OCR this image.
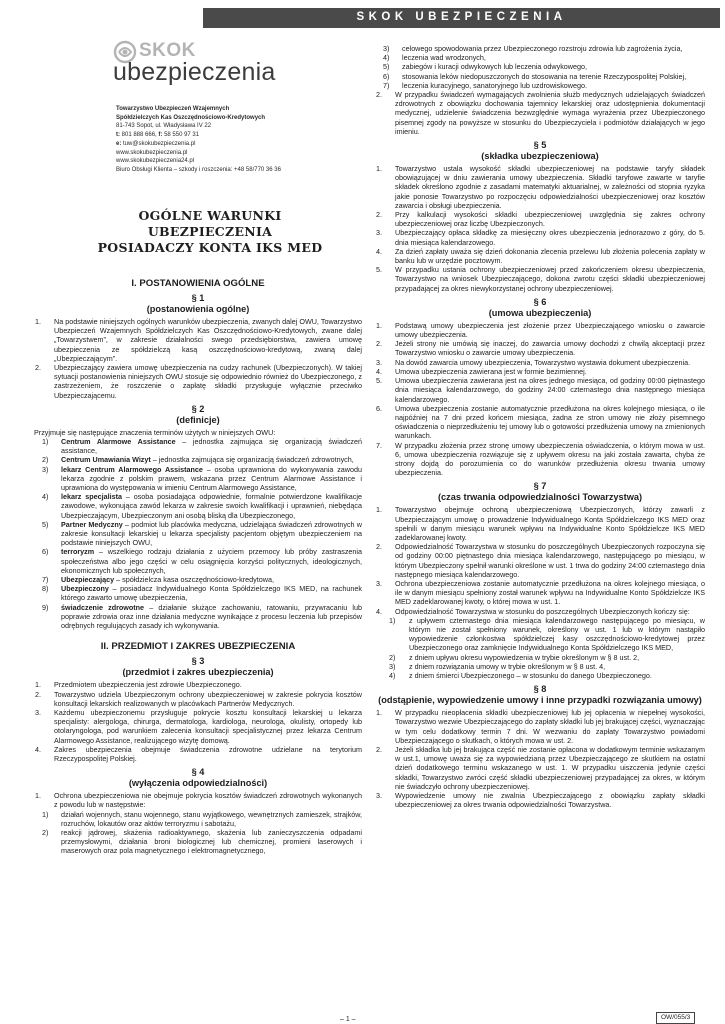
SKOK UBEZPIECZENIA
SKOK
ubezpieczenia
Towarzystwo Ubezpieczeń Wzajemnych
Spółdzielczych Kas Oszczędnościowo-Kredytowych
81-743 Sopot, ul. Władysława IV 22
t: 801 888 666, f: 58 550 97 31
e: tuw@skokubezpieczenia.pl
www.skokubezpieczenia.pl
www.skokubezpieczenia24.pl
Biuro Obsługi Klienta – szkody i roszczenia: +48 58/770 36 36
OGÓLNE WARUNKI
UBEZPIECZENIA
POSIADACZY KONTA IKS MED
I. POSTANOWIENIA OGÓLNE
§ 1
(postanowienia ogólne)
1.	Na podstawie niniejszych ogólnych warunków ubezpieczenia, zwanych dalej OWU, Towarzystwo Ubezpieczeń Wzajemnych Spółdzielczych Kas Oszczędnościowo-Kredytowych, zwane dalej „Towarzystwem”, w zakresie działalności swego przedsiębiorstwa, zawiera umowę ubezpieczenia ze spółdzielczą kasą oszczędnościowo-kredytową, zwaną dalej „Ubezpieczającym”.
2.	Ubezpieczający zawiera umowę ubezpieczenia na cudzy rachunek (Ubezpieczonych). W takiej sytuacji postanowienia niniejszych OWU stosuje się odpowiednio również do Ubezpieczonego, z zastrzeżeniem, że roszczenie o zapłatę składki przysługuje wyłącznie przeciwko Ubezpieczającemu.
§ 2
(definicje)
Przyjmuje się następujące znaczenia terminów użytych w niniejszych OWU:
1)	Centrum Alarmowe Assistance – jednostka zajmująca się organizacją świadczeń assistance,
2)	Centrum Umawiania Wizyt – jednostka zajmująca się organizacją świadczeń zdrowotnych,
3)	lekarz Centrum Alarmowego Assistance – osoba uprawniona do wykonywania zawodu lekarza zgodnie z polskim prawem, wskazana przez Centrum Alarmowe Assistance i uprawniona do występowania w imieniu Centrum Alarmowego Assistance,
4)	lekarz specjalista – osoba posiadająca odpowiednie, formalnie potwierdzone kwalifikacje zawodowe, wykonująca zawód lekarza w zakresie swoich kwalifikacji i uprawnień, niebędąca Ubezpieczającym, Ubezpieczonym ani osobą bliską dla Ubezpieczonego,
5)	Partner Medyczny – podmiot lub placówka medyczna, udzielająca świadczeń zdrowotnych w zakresie konsultacji lekarskiej u lekarza specjalisty pacjentom objętym ubezpieczeniem na podstawie niniejszych OWU,
6)	terroryzm – wszelkiego rodzaju działania z użyciem przemocy lub próby zastraszenia społeczeństwa albo jego części w celu osiągnięcia korzyści politycznych, ideologicznych, ekonomicznych lub społecznych,
7)	Ubezpieczający – spółdzielcza kasa oszczędnościowo-kredytowa,
8)	Ubezpieczony – posiadacz Indywidualnego Konta Spółdzielczego IKS MED, na rachunek którego zawarto umowę ubezpieczenia,
9)	świadczenie zdrowotne – działanie służące zachowaniu, ratowaniu, przywracaniu lub poprawie zdrowia oraz inne działania medyczne wynikające z procesu leczenia lub przepisów odrębnych regulujących zasady ich wykonywania.
II. PRZEDMIOT I ZAKRES UBEZPIECZENIA
§ 3
(przedmiot i zakres ubezpieczenia)
1.	Przedmiotem ubezpieczenia jest zdrowie Ubezpieczonego.
2.	Towarzystwo udziela Ubezpieczonym ochrony ubezpieczeniowej w zakresie pokrycia kosztów konsultacji lekarskich realizowanych w placówkach Partnerów Medycznych.
3.	Każdemu ubezpieczonemu przysługuje pokrycie kosztu konsultacji lekarskiej u lekarza specjalisty: alergologa, chirurga, dermatologa, kardiologa, neurologa, okulisty, ortopedy lub otolaryngologa, pod warunkiem zalecenia konsultacji specjalistycznej przez lekarza Centrum Alarmowego Assistance, realizującego wizytę domową.
4.	Zakres ubezpieczenia obejmuje świadczenia zdrowotne udzielane na terytorium Rzeczypospolitej Polskiej.
§ 4
(wyłączenia odpowiedzialności)
1.	Ochrona ubezpieczeniowa nie obejmuje pokrycia kosztów świadczeń zdrowotnych wykonanych z powodu lub w następstwie:
1)	działań wojennych, stanu wojennego, stanu wyjątkowego, wewnętrznych zamieszek, strajków, rozruchów, lokautów oraz aktów terroryzmu i sabotażu,
2)	reakcji jądrowej, skażenia radioaktywnego, skażenia lub zanieczyszczenia odpadami przemysłowymi, działania broni biologicznej lub chemicznej, promieni laserowych i maserowych oraz pola magnetycznego i elektromagnetycznego,
3)	celowego spowodowania przez Ubezpieczonego rozstroju zdrowia lub zagrożenia życia,
4)	leczenia wad wrodzonych,
5)	zabiegów i kuracji odwykowych lub leczenia odwykowego,
6)	stosowania leków niedopuszczonych do stosowania na terenie Rzeczypospolitej Polskiej,
7)	leczenia kuracyjnego, sanatoryjnego lub uzdrowiskowego.
2.	W przypadku świadczeń wymagających zwolnienia służb medycznych udzielających świadczeń zdrowotnych z obowiązku dochowania tajemnicy lekarskiej oraz udostępnienia dokumentacji medycznej, udzielenie świadczenia bezwzględnie wymaga wyrażenia przez Ubezpieczonego pisemnej zgody na powyższe w stosunku do Ubezpieczyciela i podmiotów działających w jego imieniu.
§ 5
(składka ubezpieczeniowa)
1.	Towarzystwo ustala wysokość składki ubezpieczeniowej na podstawie taryfy składek obowiązującej w dniu zawierania umowy ubezpieczenia. Składki taryfowe zawarte w taryfie składek określono zgodnie z zasadami matematyki aktuarialnej, w zależności od stopnia ryzyka jakie ponosie Towarzystwo po rozpoczęciu odpowiedzialności ubezpieczeniowej oraz kosztów zawarcia i obsługi ubezpieczenia.
2.	Przy kalkulacji wysokości składki ubezpieczeniowej uwzględnia się zakres ochrony ubezpieczeniowej oraz liczbę Ubezpieczonych.
3.	Ubezpieczający opłaca składkę za miesięczny okres ubezpieczenia jednorazowo z góry, do 5. dnia miesiąca kalendarzowego.
4.	Za dzień zapłaty uważa się dzień dokonania zlecenia przelewu lub złożenia polecenia zapłaty w banku lub w urzędzie pocztowym.
5.	W przypadku ustania ochrony ubezpieczeniowej przed zakończeniem okresu ubezpieczenia, Towarzystwo na wniosek Ubezpieczającego, dokona zwrotu części składki ubezpieczeniowej przypadającej za okres niewykorzystanej ochrony ubezpieczeniowej.
§ 6
(umowa ubezpieczenia)
1.	Podstawą umowy ubezpieczenia jest złożenie przez Ubezpieczającego wniosku o zawarcie umowy ubezpieczenia.
2.	Jeżeli strony nie umówią się inaczej, do zawarcia umowy dochodzi z chwilą akceptacji przez Towarzystwo wniosku o zawarcie umowy ubezpieczenia.
3.	Na dowód zawarcia umowy ubezpieczenia, Towarzystwo wystawia dokument ubezpieczenia.
4.	Umowa ubezpieczenia zawierana jest w formie bezimiennej.
5.	Umowa ubezpieczenia zawierana jest na okres jednego miesiąca, od godziny 00:00 piętnastego dnia miesiąca kalendarzowego, do godziny 24:00 czternastego dnia następnego miesiąca kalendarzowego.
6.	Umowa ubezpieczenia zostanie automatycznie przedłużona na okres kolejnego miesiąca, o ile najpóźniej na 7 dni przed końcem miesiąca, żadna ze stron umowy nie złoży pisemnego oświadczenia o nieprzedłużeniu tej umowy lub o gotowości przedłużenia umowy na zmienionych warunkach.
7.	W przypadku złożenia przez stronę umowy ubezpieczenia oświadczenia, o którym mowa w ust. 6, umowa ubezpieczenia rozwiązuje się z upływem okresu na jaki została zawarta, chyba że strony dojdą do porozumienia co do warunków przedłużenia okresu trwania umowy ubezpieczenia.
§ 7
(czas trwania odpowiedzialności Towarzystwa)
1.	Towarzystwo obejmuje ochroną ubezpieczeniową Ubezpieczonych, którzy zawarli z Ubezpieczającym umowę o prowadzenie Indywidualnego Konta Spółdzielczego IKS MED oraz spełnili w danym miesiącu warunek wpływu na Indywidualne Konto Spółdzielcze IKS MED zadeklarowanej kwoty.
2.	Odpowiedzialność Towarzystwa w stosunku do poszczególnych Ubezpieczonych rozpoczyna się od godziny 00:00 piętnastego dnia miesiąca kalendarzowego, następującego po miesiącu, w którym Ubezpieczony spełnił warunki określone w ust. 1 trwa do godziny 24:00 czternastego dnia następnego miesiąca kalendarzowego.
3.	Ochrona ubezpieczeniowa zostanie automatycznie przedłużona na okres kolejnego miesiąca, o ile w danym miesiącu spełniony został warunek wpływu na Indywidualne Konto Spółdzielcze IKS MED zadeklarowanej kwoty, o której mowa w ust. 1.
4.	Odpowiedzialność Towarzystwa w stosunku do poszczególnych Ubezpieczonych kończy się:
1)	z upływem czternastego dnia miesiąca kalendarzowego następującego po miesiącu, w którym nie został spełniony warunek, określony w ust. 1 lub w którym nastąpiło wypowiedzenie członkostwa spółdzielczej kasy oszczędnościowo-kredytowej przez Ubezpieczonego oraz zamknięcie Indywidualnego Konta Spółdzielczego IKS MED,
2)	z dniem upływu okresu wypowiedzenia w trybie określonym w § 8 ust. 2,
3)	z dniem rozwiązania umowy w trybie określonym w § 8 ust. 4,
4)	z dniem śmierci Ubezpieczonego – w stosunku do danego Ubezpieczonego.
§ 8
(odstąpienie, wypowiedzenie umowy i inne przypadki rozwiązania umowy)
1.	W przypadku nieopłacenia składki ubezpieczeniowej lub jej opłacenia w niepełnej wysokości, Towarzystwo wezwie Ubezpieczającego do zapłaty składki lub jej brakującej części, wyznaczając w tym celu dodatkowy termin 7 dni. W wezwaniu do zapłaty Towarzystwo powiadomi Ubezpieczającego o skutkach, o których mowa w ust. 2.
2.	Jeżeli składka lub jej brakująca część nie zostanie opłacona w dodatkowym terminie wskazanym w ust.1, umowę uważa się za wypowiedzianą przez Ubezpieczającego ze skutkiem na ostatni dzień dodatkowego terminu wskazanego w ust. 1. W przypadku uiszczenia jedynie części składki, Towarzystwo zwróci część składki ubezpieczeniowej przypadającej za okres, w którym nie świadczyło ochrony ubezpieczeniowej.
3.	Wypowiedzenie umowy nie zwalnia Ubezpieczającego z obowiązku zapłaty składki ubezpieczeniowej za okres trwania odpowiedzialności Towarzystwa.
– 1 –	OW/055/3
